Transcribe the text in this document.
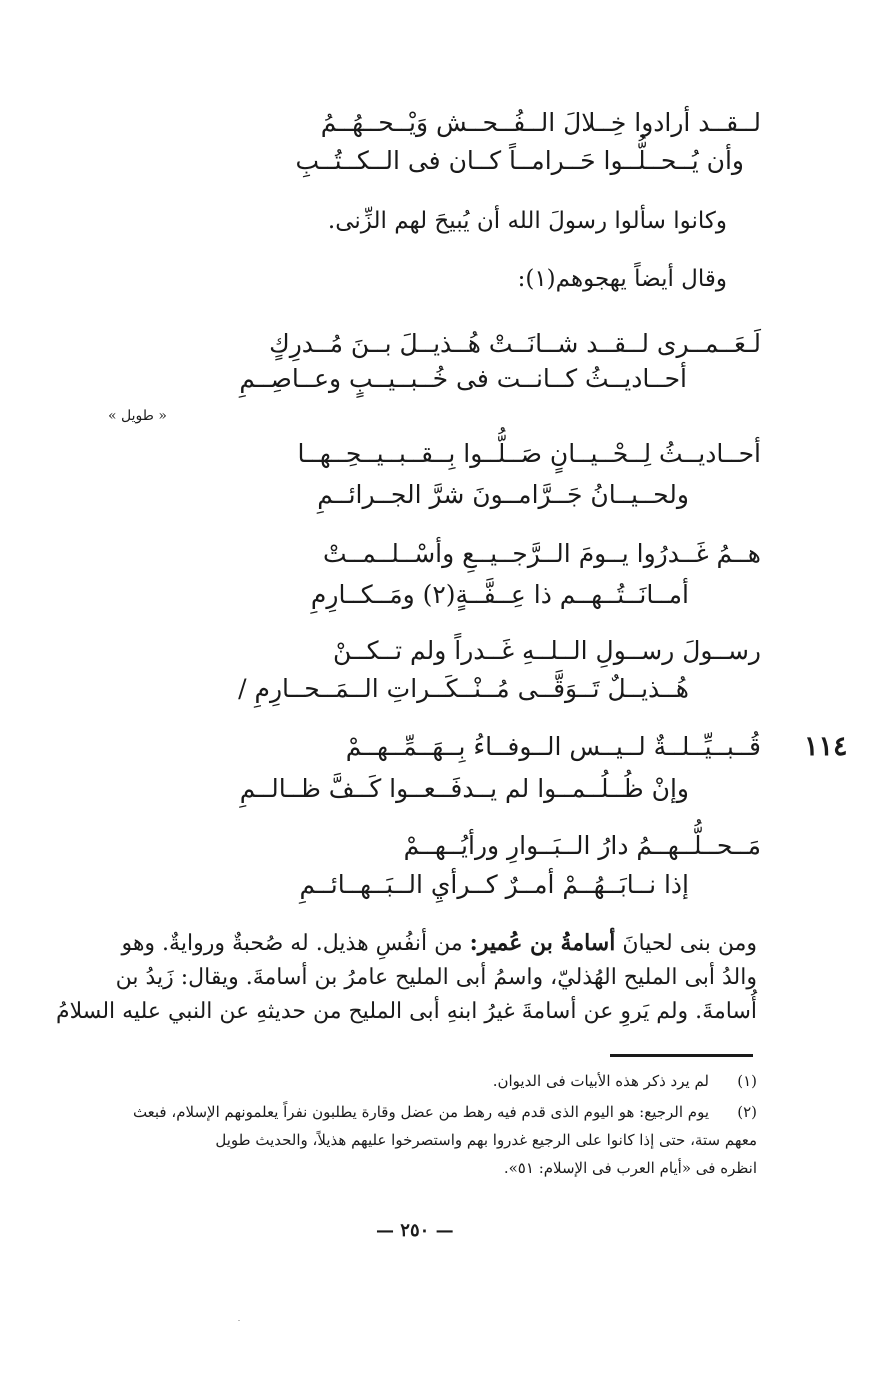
لــقــد أرادوا خِــلالَ الــفُــحــش وَيْــحــهُــمُ
وأن يُــحــلُّــوا حَــرامــاً كــان فى الــكــتُــبِ
وكانوا سألوا رسولَ الله أن يُبيحَ لهم الزِّنى.
وقال أيضاً يهجوهم(١):
لَـعَــمــرى لــقــد شــانَــتْ هُــذيــلَ بــنَ مُــدرِكٍ
أحــاديــثُ كــانــت فى خُــبــيــبٍ وعــاصِــمِ
« طويل »
أحــاديــثُ لِــحْــيــانٍ صَــلُّــوا بِــقــبــيــحِــهــا
ولحــيــانُ جَــرَّامــونَ شرَّ الجــرائــمِ
هــمُ غَــدرُوا يــومَ الــرَّجــيــعِ وأسْــلــمــتْ
أمــانَــتُــهــم ذا عِــفَّــةٍ(٢) ومَــكــارِمِ
رســولَ رســولِ الــلــهِ غَــدراً ولم تــكــنْ
هُــذيــلٌ تَــوَقَّــى مُــنْــكَــراتِ الــمَــحــارِمِ /
١١٤
قُــبــيِّــلــةٌ لــيــس الــوفــاءُ بِــهَــمِّــهــمْ
وإنْ ظُــلُــمــوا لم يــدفَــعــوا كَــفَّ ظــالــمِ
مَــحــلُّــهــمُ دارُ الــبَــوارِ ورأيُــهــمْ
إذا نــابَــهُــمْ أمــرٌ كــرأيِ الــبَــهــائــمِ
ومن بنى لحيانَ أسامةُ بن عُمير: من أنفُسِ هذيل. له صُحبةٌ وروايةٌ. وهو
والدُ أبى المليح الهُذليّ، واسمُ أبى المليح عامرُ بن أسامةَ. ويقال: زَيدُ بن
أُسامةَ. ولم يَروِ عن أسامةَ غيرُ ابنهِ أبى المليح من حديثهِ عن النبي عليه السلامُ
(١)
لم يرد ذكر هذه الأبيات فى الديوان.
(٢)
يوم الرجيع: هو اليوم الذى قدم فيه رهط من عضل وقارة يطلبون نفراً يعلمونهم الإسلام، فبعث
معهم ستة، حتى إذا كانوا على الرجيع غدروا بهم واستصرخوا عليهم هذيلاً، والحديث طويل
انظره فى «أيام العرب فى الإسلام: ٥١».
— ٢٥٠ —
